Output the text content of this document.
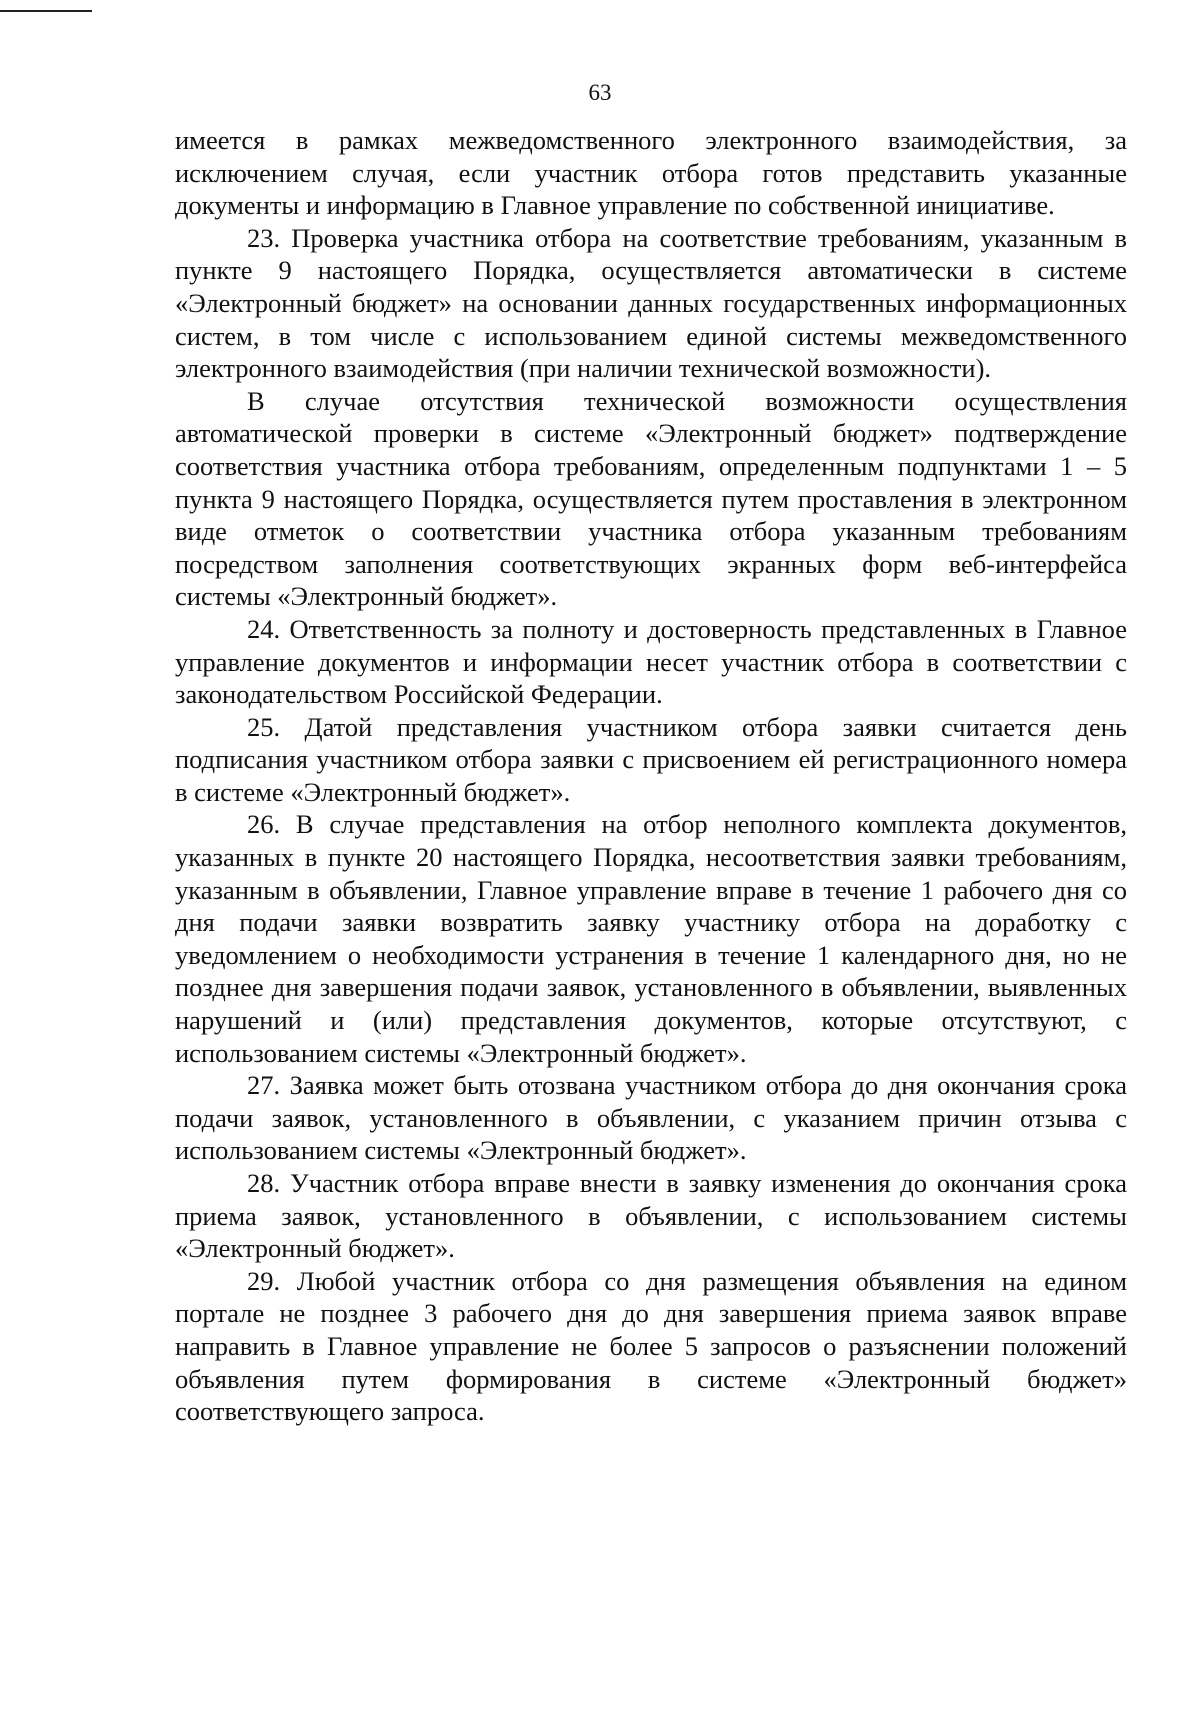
63

имеется в рамках межведомственного электронного взаимодействия, за исключением случая, если участник отбора готов представить указанные документы и информацию в Главное управление по собственной инициативе.

23. Проверка участника отбора на соответствие требованиям, указанным в пункте 9 настоящего Порядка, осуществляется автоматически в системе «Электронный бюджет» на основании данных государственных информационных систем, в том числе с использованием единой системы межведомственного электронного взаимодействия (при наличии технической возможности).

В случае отсутствия технической возможности осуществления автоматической проверки в системе «Электронный бюджет» подтверждение соответствия участника отбора требованиям, определенным подпунктами 1 – 5 пункта 9 настоящего Порядка, осуществляется путем проставления в электронном виде отметок о соответствии участника отбора указанным требованиям посредством заполнения соответствующих экранных форм веб-интерфейса системы «Электронный бюджет».

24. Ответственность за полноту и достоверность представленных в Главное управление документов и информации несет участник отбора в соответствии с законодательством Российской Федерации.

25. Датой представления участником отбора заявки считается день подписания участником отбора заявки с присвоением ей регистрационного номера в системе «Электронный бюджет».

26. В случае представления на отбор неполного комплекта документов, указанных в пункте 20 настоящего Порядка, несоответствия заявки требованиям, указанным в объявлении, Главное управление вправе в течение 1 рабочего дня со дня подачи заявки возвратить заявку участнику отбора на доработку с уведомлением о необходимости устранения в течение 1 календарного дня, но не позднее дня завершения подачи заявок, установленного в объявлении, выявленных нарушений и (или) представления документов, которые отсутствуют, с использованием системы «Электронный бюджет».

27. Заявка может быть отозвана участником отбора до дня окончания срока подачи заявок, установленного в объявлении, с указанием причин отзыва с использованием системы «Электронный бюджет».

28. Участник отбора вправе внести в заявку изменения до окончания срока приема заявок, установленного в объявлении, с использованием системы «Электронный бюджет».

29. Любой участник отбора со дня размещения объявления на едином портале не позднее 3 рабочего дня до дня завершения приема заявок вправе направить в Главное управление не более 5 запросов о разъяснении положений объявления путем формирования в системе «Электронный бюджет» соответствующего запроса.
